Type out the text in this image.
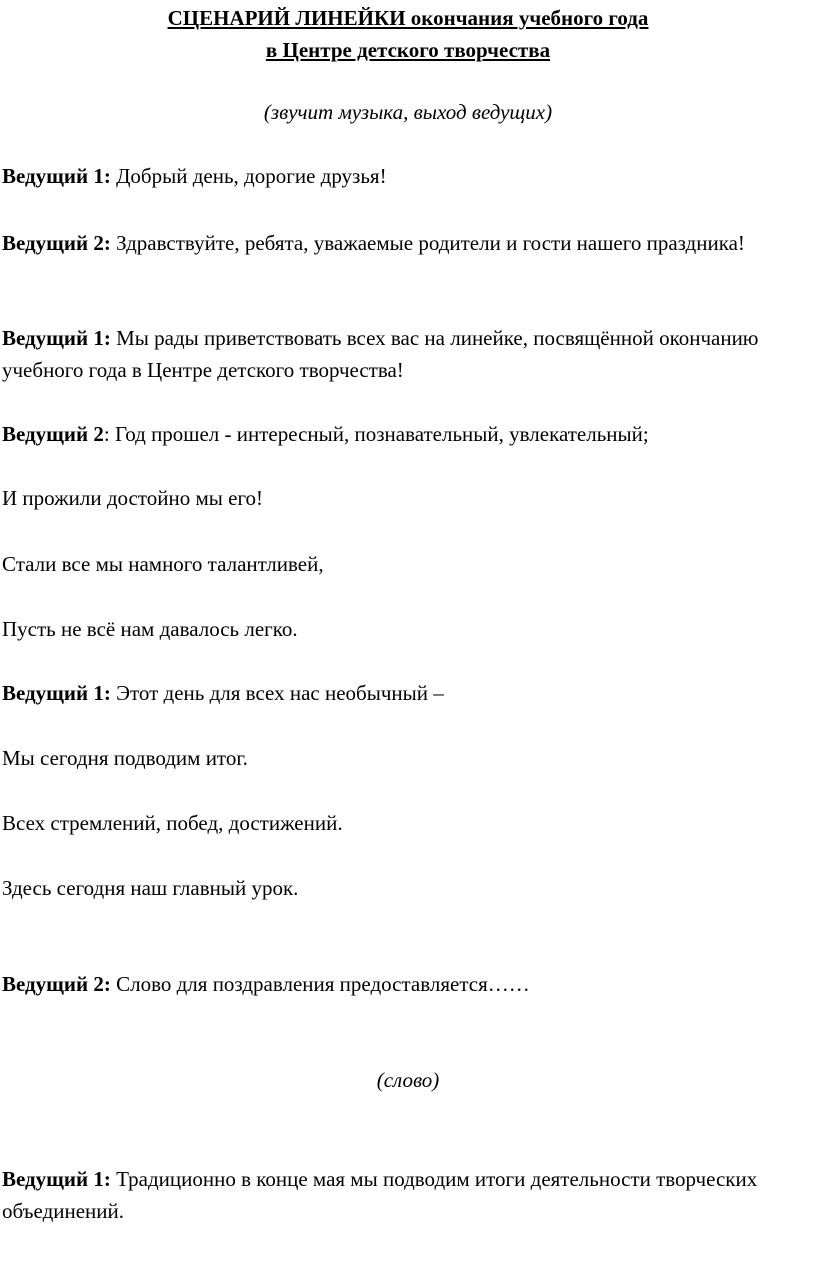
СЦЕНАРИЙ ЛИНЕЙКИ окончания учебного года

в Центре детского творчества

(звучит музыка, выход ведущих)

Ведущий 1: Добрый день, дорогие друзья!

Ведущий 2: Здравствуйте, ребята, уважаемые родители и гости нашего праздника!

Ведущий 1: Мы рады приветствовать всех вас на линейке, посвящённой окончанию учебного года в Центре детского творчества!

Ведущий 2: Год прошел - интересный, познавательный, увлекательный;

И прожили достойно мы его!

Стали все мы намного талантливей,

Пусть не всё нам давалось легко.

Ведущий 1: Этот день для всех нас необычный –

Мы сегодня подводим итог.

Всех стремлений, побед, достижений.

Здесь сегодня наш главный урок.

Ведущий 2: Слово для поздравления предоставляется……

(слово)

Ведущий 1: Традиционно в конце мая мы подводим итоги деятельности творческих объединений.
